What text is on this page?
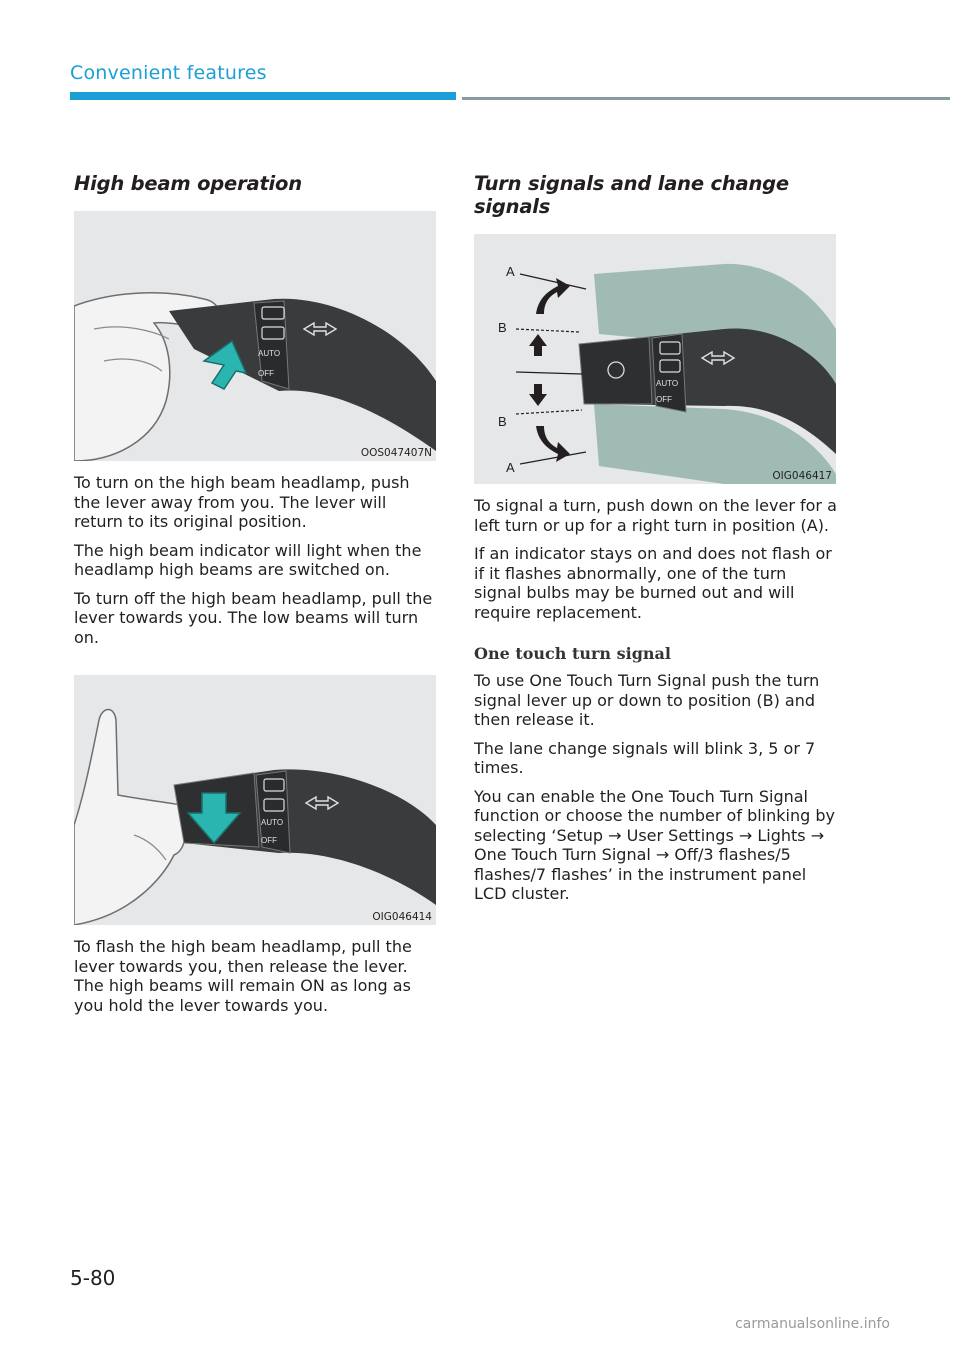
Convenient features
High beam operation
AUTO
OFF
OOS047407N

To turn on the high beam headlamp, push the lever away from you. The lever will return to its original position.

The high beam indicator will light when the headlamp high beams are switched on.

To turn off the high beam headlamp, pull the lever towards you. The low beams will turn on.

AUTO
OFF
OIG046414

To flash the high beam headlamp, pull the lever towards you, then release the lever. The high beams will remain ON as long as you hold the lever towards you.

Turn signals and lane change signals
AUTO
OFF
A
B
B
A
OIG046417

To signal a turn, push down on the lever for a left turn or up for a right turn in position (A).

If an indicator stays on and does not flash or if it flashes abnormally, one of the turn signal bulbs may be burned out and will require replacement.

One touch turn signal

To use One Touch Turn Signal push the turn signal lever up or down to position (B) and then release it.

The lane change signals will blink 3, 5 or 7 times.

You can enable the One Touch Turn Signal function or choose the number of blinking by selecting ‘Setup → User Settings → Lights → One Touch Turn Signal → Off/3 flashes/5 flashes/7 flashes’ in the instrument panel LCD cluster.

5-80
carmanualsonline.info
